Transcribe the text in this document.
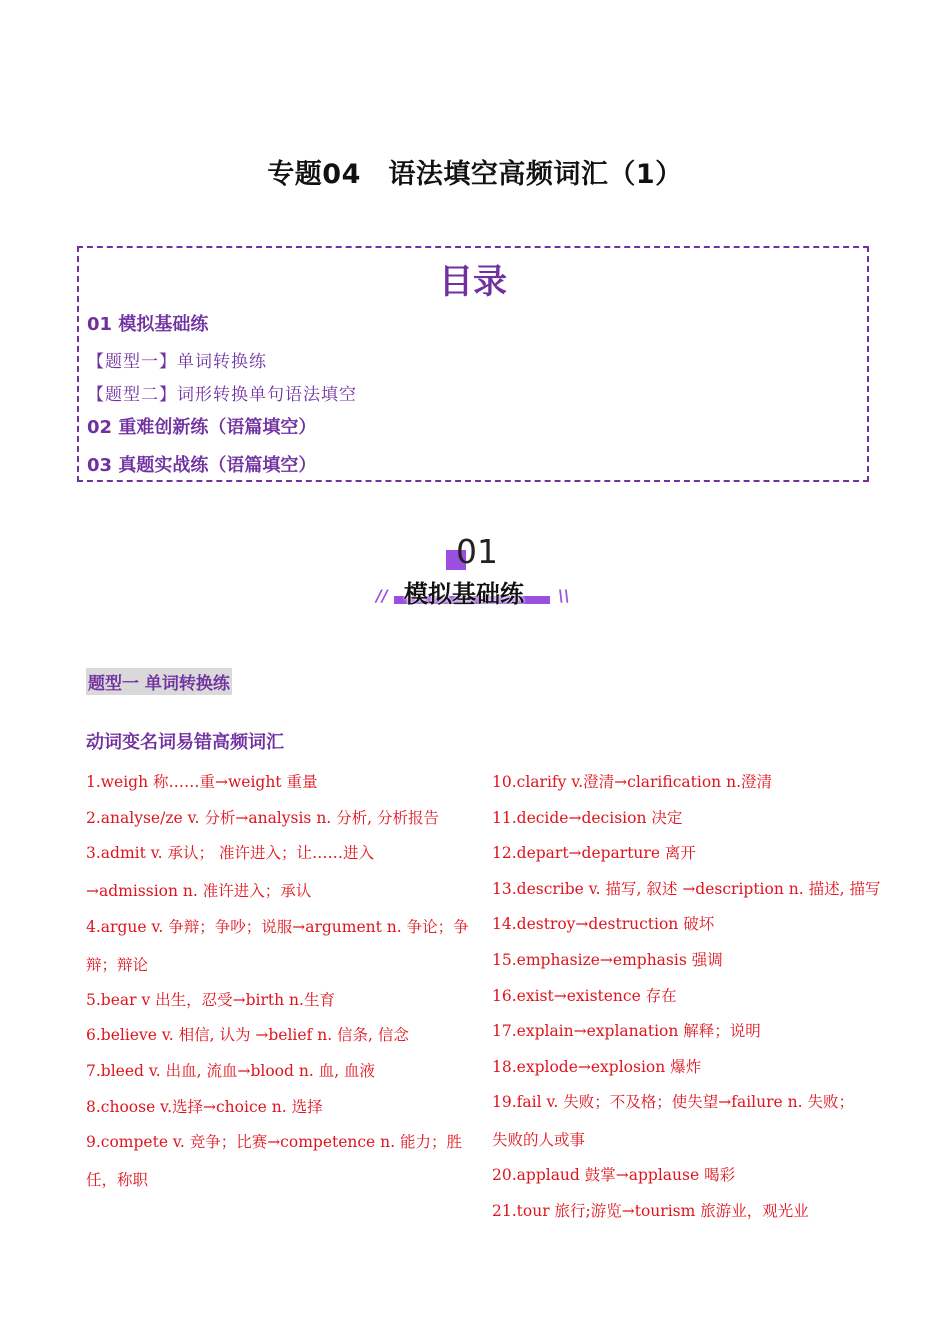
专题04　语法填空高频词汇（1）
目录
01 模拟基础练
【题型一】单词转换练
【题型二】词形转换单句语法填空
02 重难创新练（语篇填空）
03 真题实战练（语篇填空）
01
模拟基础练
//	\\
题型一 单词转换练
动词变名词易错高频词汇
1.weigh 称……重→weight 重量
2.analyse/ze v. 分析→analysis n. 分析, 分析报告
3.admit v. 承认； 准许进入；让……进入
→admission n. 准许进入；承认
4.argue v. 争辩；争吵；说服→argument n. 争论；争
辩；辩论
5.bear v 出生，忍受→birth n.生育
6.believe v. 相信, 认为 →belief n. 信条, 信念
7.bleed v. 出血, 流血→blood n. 血, 血液
8.choose v.选择→choice n. 选择
9.compete v. 竞争；比赛→competence n. 能力；胜
任，称职
10.clarify v.澄清→clarification n.澄清
11.decide→decision 决定
12.depart→departure 离开
13.describe v. 描写, 叙述 →description n. 描述, 描写
14.destroy→destruction 破坏
15.emphasize→emphasis 强调
16.exist→existence 存在
17.explain→explanation 解释；说明
18.explode→explosion 爆炸
19.fail v. 失败；不及格；使失望→failure n. 失败；
失败的人或事
20.applaud 鼓掌→applause 喝彩
21.tour 旅行;游览→tourism 旅游业，观光业
